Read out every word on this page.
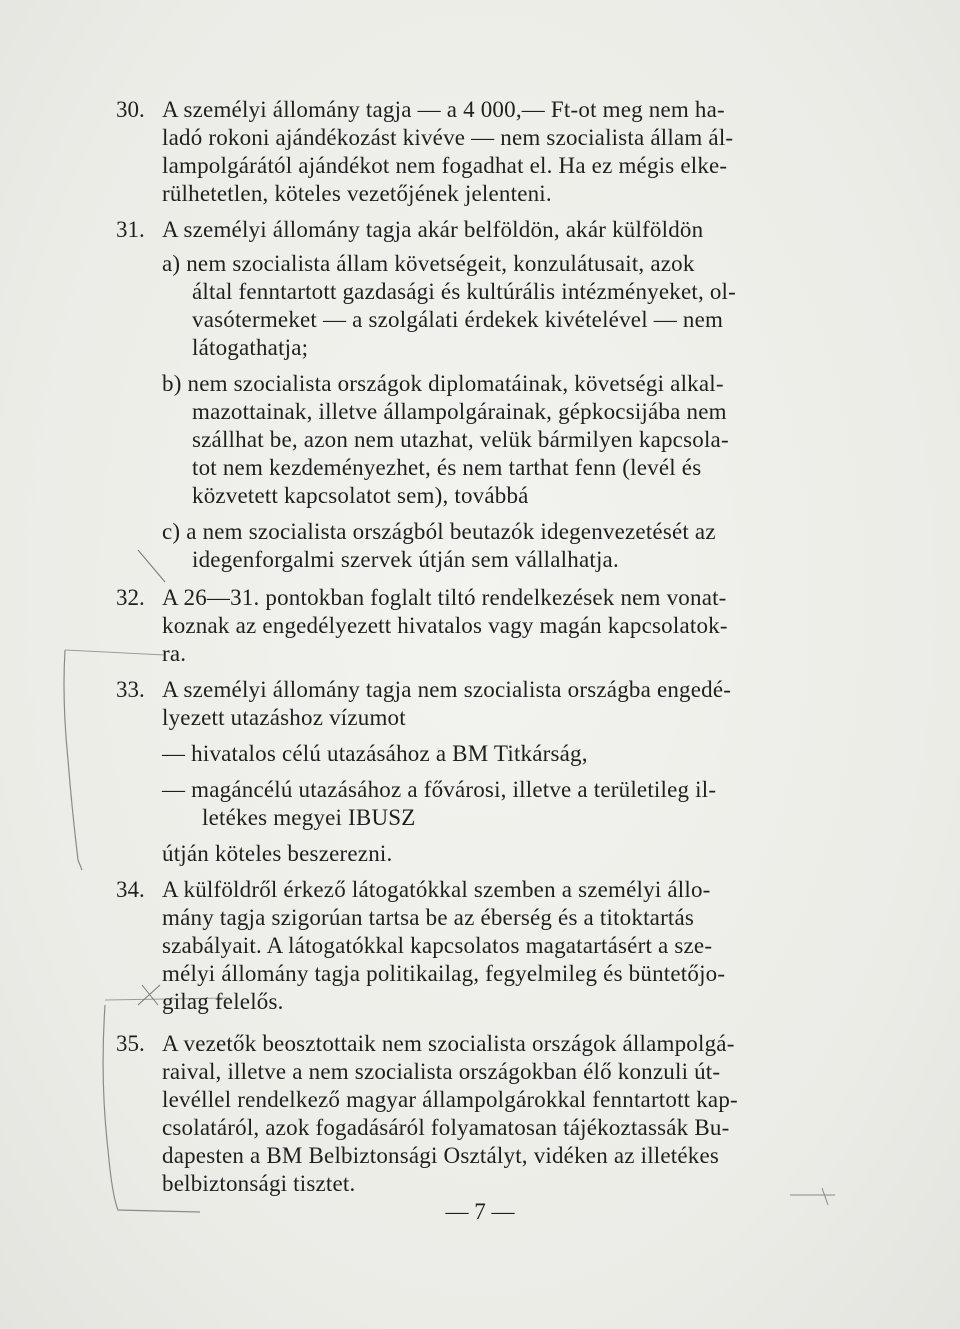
30. A személyi állomány tagja — a 4 000,— Ft-ot meg nem ha-
ladó rokoni ajándékozást kivéve — nem szocialista állam ál-
lampolgárától ajándékot nem fogadhat el. Ha ez mégis elke-
rülhetetlen, köteles vezetőjének jelenteni.
31. A személyi állomány tagja akár belföldön, akár külföldön
a) nem szocialista állam követségeit, konzulátusait, azok
által fenntartott gazdasági és kultúrális intézményeket, ol-
vasótermeket — a szolgálati érdekek kivételével — nem
látogathatja;
b) nem szocialista országok diplomatáinak, követségi alkal-
mazottainak, illetve állampolgárainak, gépkocsijába nem
szállhat be, azon nem utazhat, velük bármilyen kapcsola-
tot nem kezdeményezhet, és nem tarthat fenn (levél és
közvetett kapcsolatot sem), továbbá
c) a nem szocialista országból beutazók idegenvezetését az
idegenforgalmi szervek útján sem vállalhatja.
32. A 26—31. pontokban foglalt tiltó rendelkezések nem vonat-
koznak az engedélyezett hivatalos vagy magán kapcsolatok-
ra.
33. A személyi állomány tagja nem szocialista országba engedé-
lyezett utazáshoz vízumot
— hivatalos célú utazásához a BM Titkárság,
— magáncélú utazásához a fővárosi, illetve a területileg il-
letékes megyei IBUSZ
útján köteles beszerezni.
34. A külföldről érkező látogatókkal szemben a személyi állo-
mány tagja szigorúan tartsa be az éberség és a titoktartás
szabályait. A látogatókkal kapcsolatos magatartásért a sze-
mélyi állomány tagja politikailag, fegyelmileg és büntetőjo-
gilag felelős.
35. A vezetők beosztottaik nem szocialista országok állampolgá-
raival, illetve a nem szocialista országokban élő konzuli út-
levéllel rendelkező magyar állampolgárokkal fenntartott kap-
csolatáról, azok fogadásáról folyamatosan tájékoztassák Bu-
dapesten a BM Belbiztonsági Osztályt, vidéken az illetékes
belbiztonsági tisztet.
— 7 —
